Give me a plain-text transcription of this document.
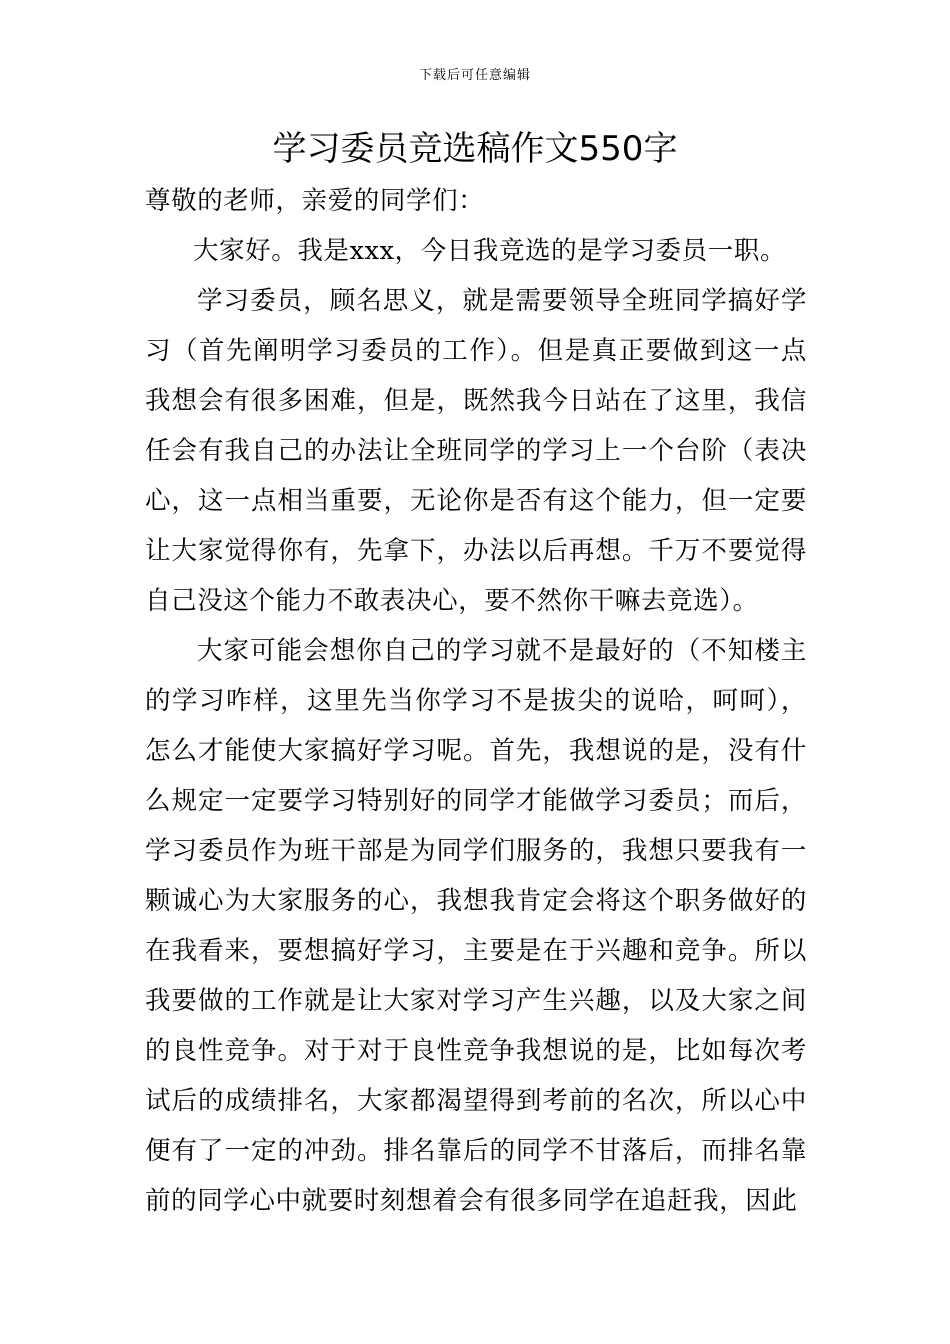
下载后可任意编辑
学习委员竞选稿作文550字

尊敬的老师，亲爱的同学们：

大家好。我是xxx，今日我竞选的是学习委员一职。

学习委员，顾名思义，就是需要领导全班同学搞好学习（首先阐明学习委员的工作）。但是真正要做到这一点我想会有很多困难，但是，既然我今日站在了这里，我信任会有我自己的办法让全班同学的学习上一个台阶（表决心，这一点相当重要，无论你是否有这个能力，但一定要让大家觉得你有，先拿下，办法以后再想。千万不要觉得自己没这个能力不敢表决心，要不然你干嘛去竞选）。

大家可能会想你自己的学习就不是最好的（不知楼主的学习咋样，这里先当你学习不是拔尖的说哈，呵呵），怎么才能使大家搞好学习呢。首先，我想说的是，没有什么规定一定要学习特别好的同学才能做学习委员；而后，学习委员作为班干部是为同学们服务的，我想只要我有一颗诚心为大家服务的心，我想我肯定会将这个职务做好的在我看来，要想搞好学习，主要是在于兴趣和竞争。所以我要做的工作就是让大家对学习产生兴趣，以及大家之间的良性竞争。对于对于良性竞争我想说的是，比如每次考试后的成绩排名，大家都渴望得到考前的名次，所以心中便有了一定的冲劲。排名靠后的同学不甘落后，而排名靠前的同学心中就要时刻想着会有很多同学在追赶我，因此
